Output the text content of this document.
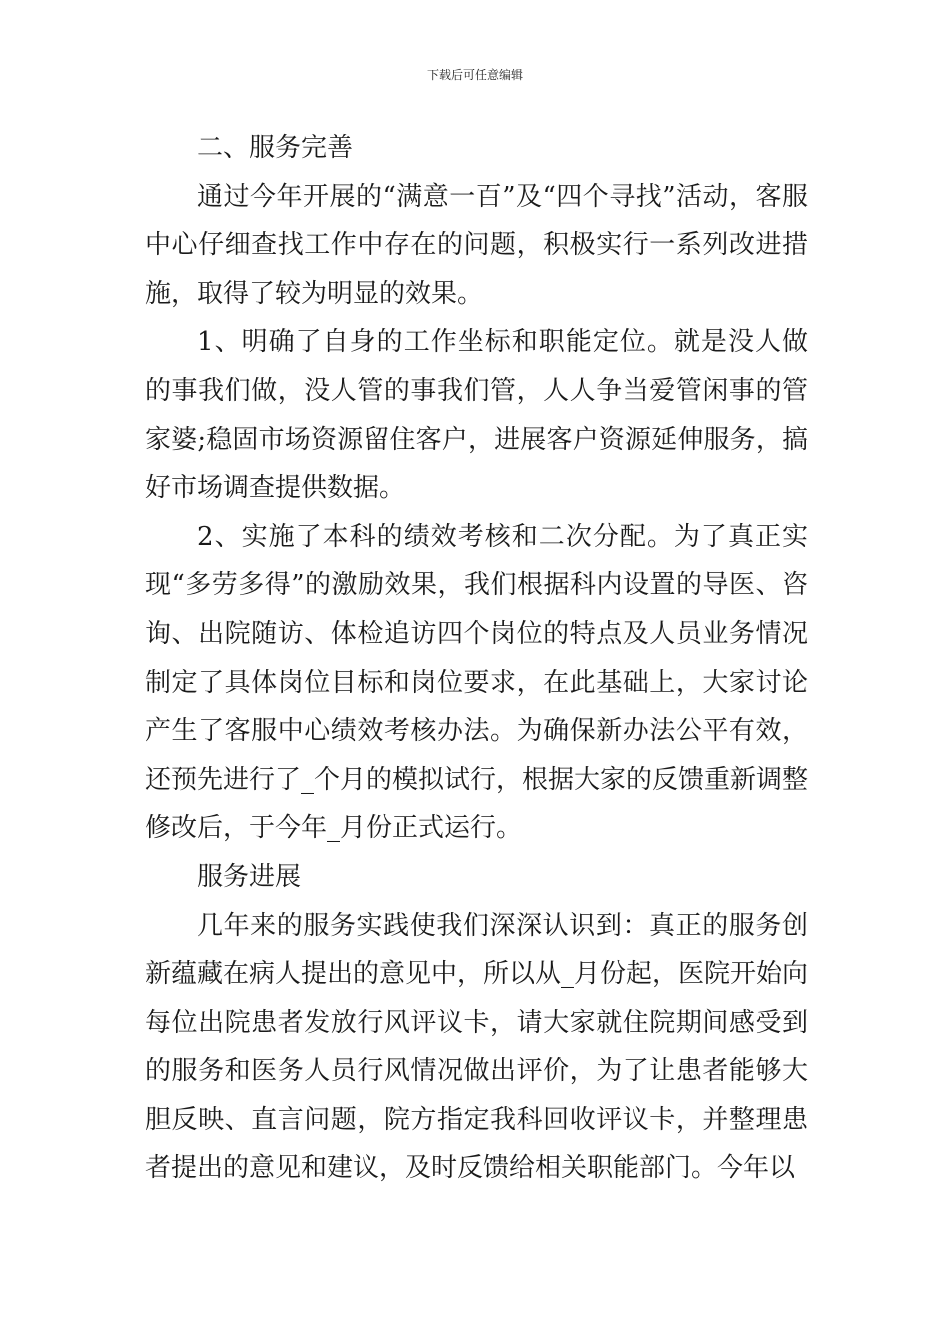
下载后可任意编辑

二、服务完善

通过今年开展的“满意一百”及“四个寻找”活动，客服中心仔细查找工作中存在的问题，积极实行一系列改进措施，取得了较为明显的效果。

1、明确了自身的工作坐标和职能定位。就是没人做的事我们做，没人管的事我们管，人人争当爱管闲事的管家婆;稳固市场资源留住客户，进展客户资源延伸服务，搞好市场调查提供数据。

2、实施了本科的绩效考核和二次分配。为了真正实现“多劳多得”的激励效果，我们根据科内设置的导医、咨询、出院随访、体检追访四个岗位的特点及人员业务情况制定了具体岗位目标和岗位要求，在此基础上，大家讨论产生了客服中心绩效考核办法。为确保新办法公平有效，还预先进行了_个月的模拟试行，根据大家的反馈重新调整修改后，于今年_月份正式运行。

服务进展

几年来的服务实践使我们深深认识到：真正的服务创新蕴藏在病人提出的意见中，所以从_月份起，医院开始向每位出院患者发放行风评议卡，请大家就住院期间感受到的服务和医务人员行风情况做出评价，为了让患者能够大胆反映、直言问题，院方指定我科回收评议卡，并整理患者提出的意见和建议，及时反馈给相关职能部门。今年以
